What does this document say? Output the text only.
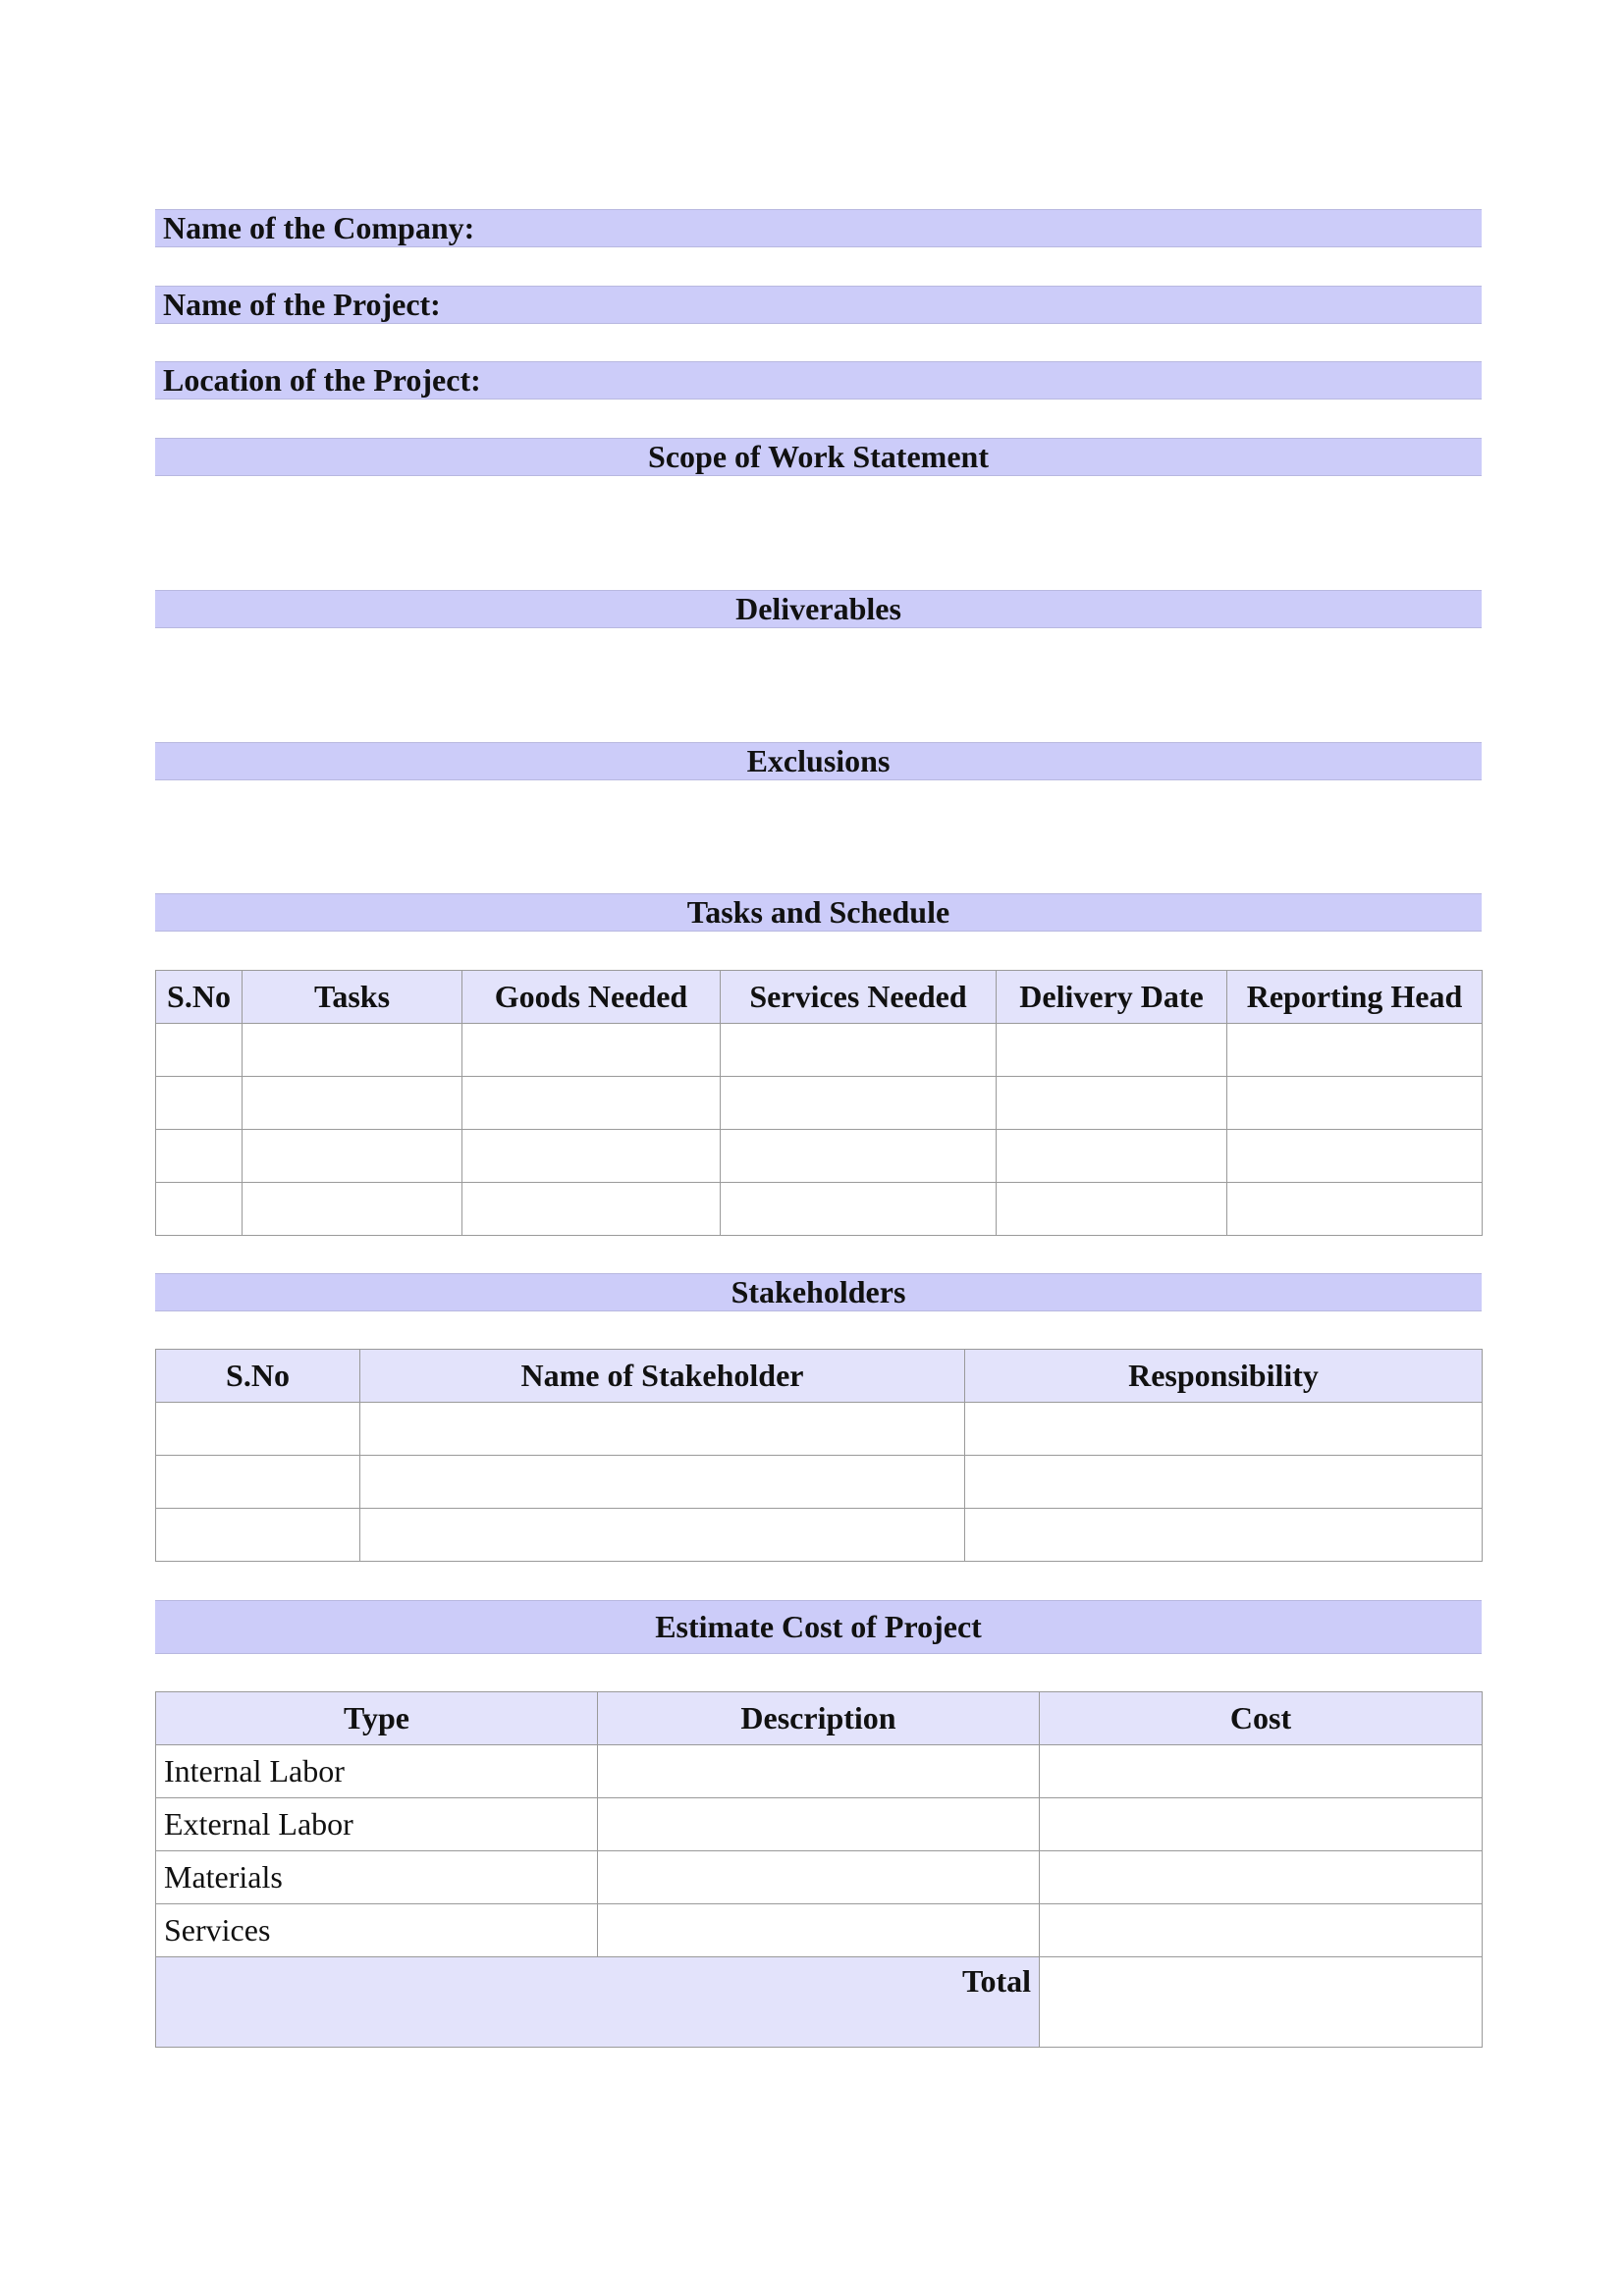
Name of the Company:
Name of the Project:
Location of the Project:
Scope of Work Statement
Deliverables
Exclusions
Tasks and Schedule
S.No	Tasks	Goods Needed	Services Needed	Delivery Date	Reporting Head

Stakeholders
S.No	Name of Stakeholder	Responsibility

Estimate Cost of Project
Type	Description	Cost
Internal Labor		
External Labor		
Materials		
Services		
Total		
